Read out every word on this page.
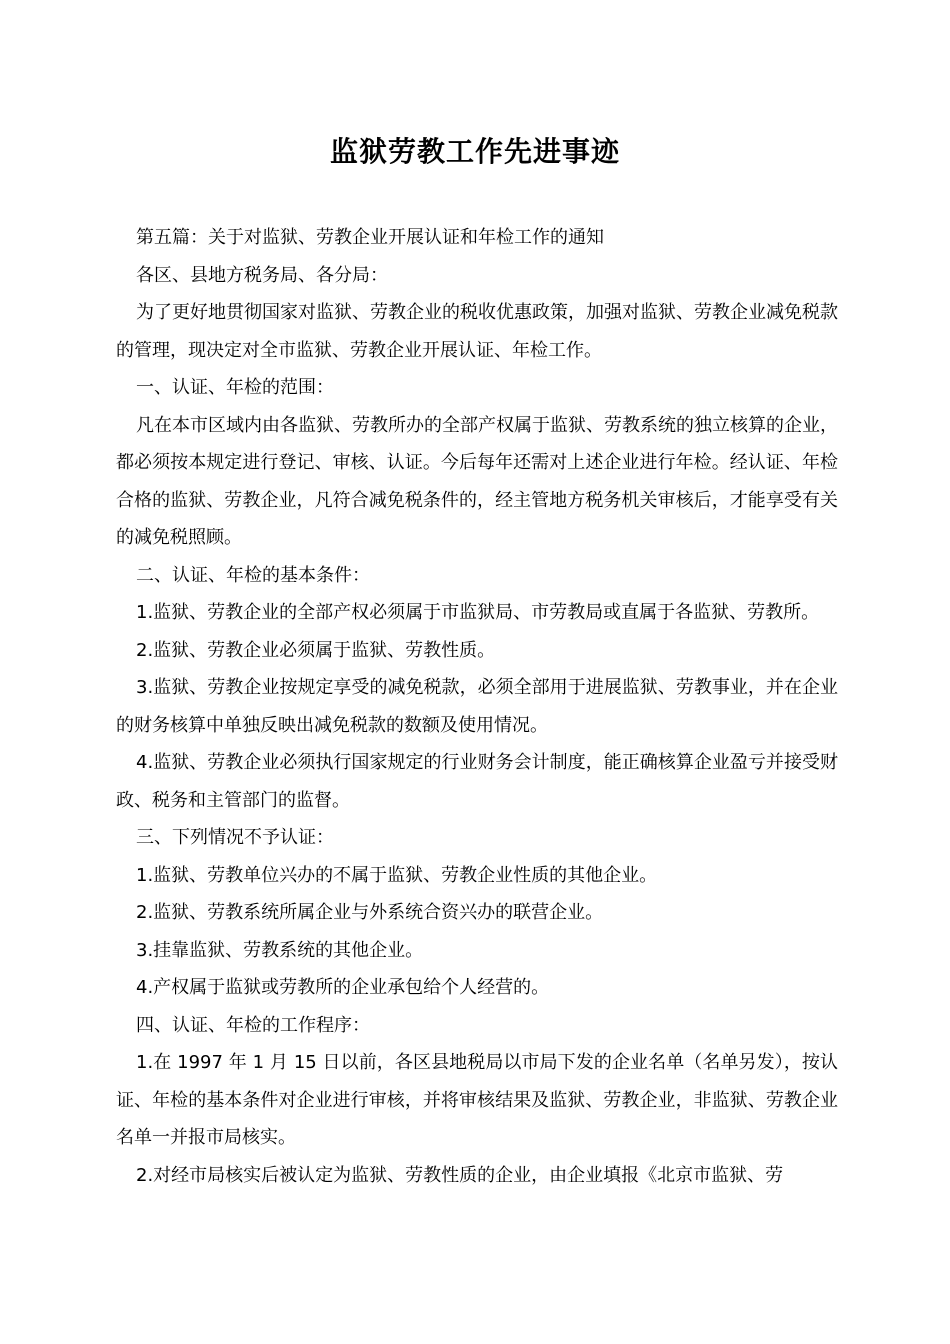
监狱劳教工作先进事迹

第五篇：关于对监狱、劳教企业开展认证和年检工作的通知

各区、县地方税务局、各分局：

为了更好地贯彻国家对监狱、劳教企业的税收优惠政策，加强对监狱、劳教企业减免税款的管理，现决定对全市监狱、劳教企业开展认证、年检工作。

一、认证、年检的范围：

凡在本市区域内由各监狱、劳教所办的全部产权属于监狱、劳教系统的独立核算的企业，都必须按本规定进行登记、审核、认证。今后每年还需对上述企业进行年检。经认证、年检合格的监狱、劳教企业，凡符合减免税条件的，经主管地方税务机关审核后，才能享受有关的减免税照顾。

二、认证、年检的基本条件：

1.监狱、劳教企业的全部产权必须属于市监狱局、市劳教局或直属于各监狱、劳教所。

2.监狱、劳教企业必须属于监狱、劳教性质。

3.监狱、劳教企业按规定享受的减免税款，必须全部用于进展监狱、劳教事业，并在企业的财务核算中单独反映出减免税款的数额及使用情况。

4.监狱、劳教企业必须执行国家规定的行业财务会计制度，能正确核算企业盈亏并接受财政、税务和主管部门的监督。

三、下列情况不予认证：

1.监狱、劳教单位兴办的不属于监狱、劳教企业性质的其他企业。

2.监狱、劳教系统所属企业与外系统合资兴办的联营企业。

3.挂靠监狱、劳教系统的其他企业。

4.产权属于监狱或劳教所的企业承包给个人经营的。

四、认证、年检的工作程序：

1.在 1997 年 1 月 15 日以前，各区县地税局以市局下发的企业名单（名单另发），按认证、年检的基本条件对企业进行审核，并将审核结果及监狱、劳教企业，非监狱、劳教企业名单一并报市局核实。

2.对经市局核实后被认定为监狱、劳教性质的企业，由企业填报《北京市监狱、劳
